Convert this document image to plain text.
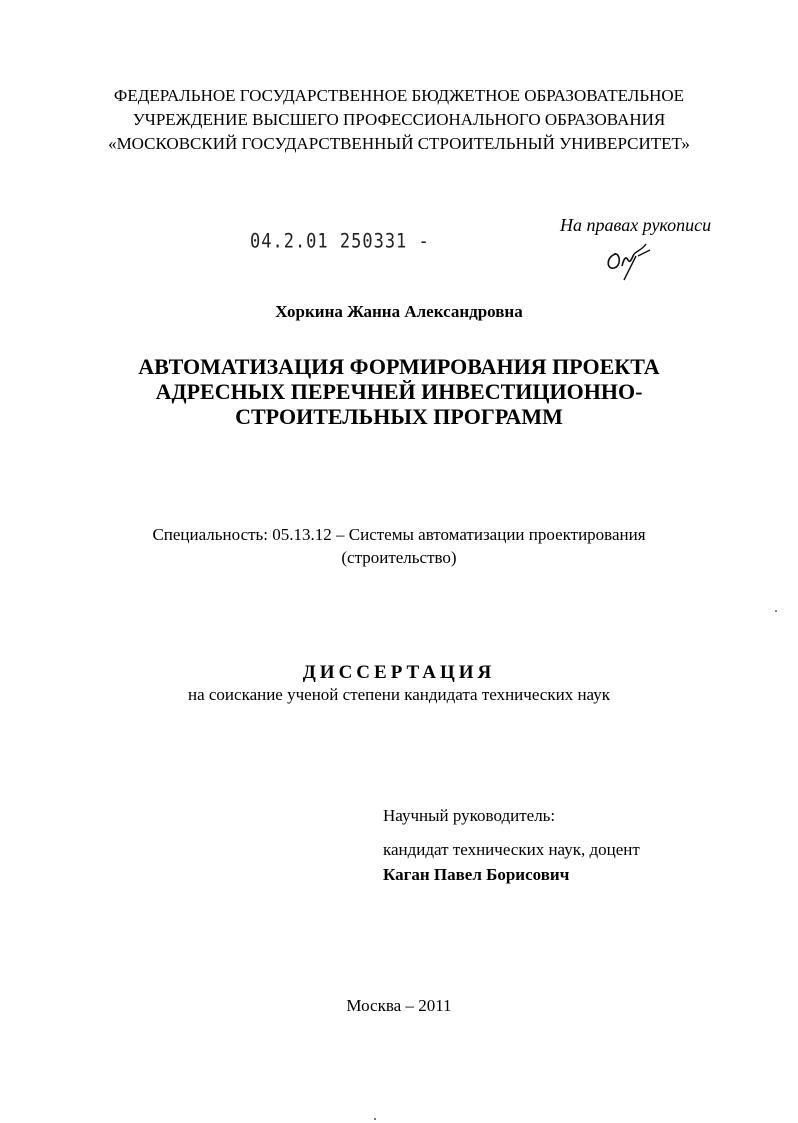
ФЕДЕРАЛЬНОЕ ГОСУДАРСТВЕННОЕ БЮДЖЕТНОЕ ОБРАЗОВАТЕЛЬНОЕ
УЧРЕЖДЕНИЕ ВЫСШЕГО ПРОФЕССИОНАЛЬНОГО ОБРАЗОВАНИЯ
«МОСКОВСКИЙ ГОСУДАРСТВЕННЫЙ СТРОИТЕЛЬНЫЙ УНИВЕРСИТЕТ»
04.2.01 250331 -
На правах рукописи
Хоркина Жанна Александровна
АВТОМАТИЗАЦИЯ ФОРМИРОВАНИЯ ПРОЕКТА
АДРЕСНЫХ ПЕРЕЧНЕЙ ИНВЕСТИЦИОННО-
СТРОИТЕЛЬНЫХ ПРОГРАММ
Специальность: 05.13.12 – Системы автоматизации проектирования
(строительство)
ДИССЕРТАЦИЯ
на соискание ученой степени кандидата технических наук
Научный руководитель:
кандидат технических наук, доцент
Каган Павел Борисович
Москва – 2011
